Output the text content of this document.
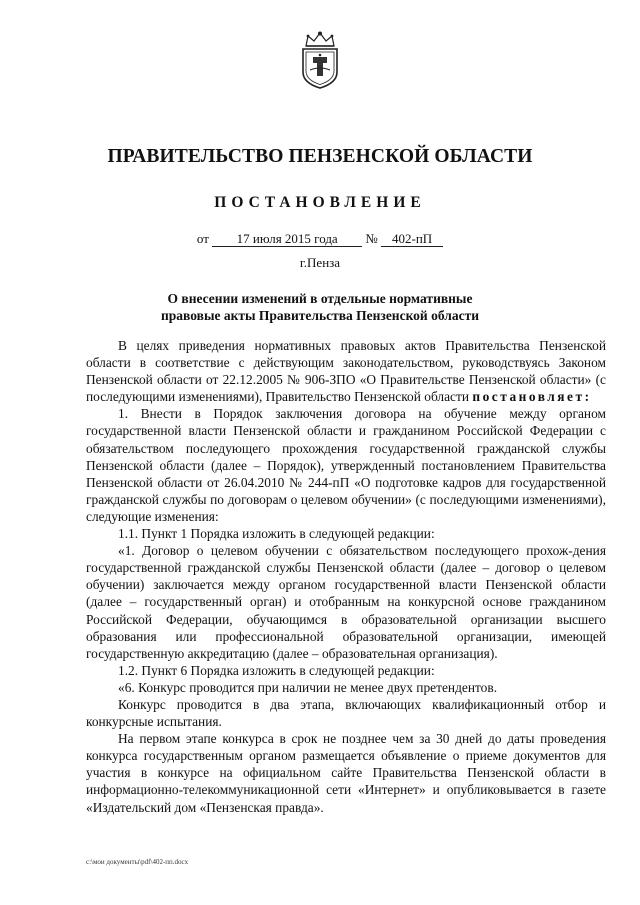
ПРАВИТЕЛЬСТВО ПЕНЗЕНСКОЙ ОБЛАСТИ
ПОСТАНОВЛЕНИЕ
от 17 июля 2015 года № 402-пП
г.Пенза
О внесении изменений в отдельные нормативные
правовые акты Правительства Пензенской области

В целях приведения нормативных правовых актов Правительства Пензенской области в соответствие с действующим законодательством, руководствуясь Законом Пензенской области от 22.12.2005 № 906-ЗПО «О Правительстве Пензенской области» (с последующими изменениями), Правительство Пензенской области постановляет:

1. Внести в Порядок заключения договора на обучение между органом государственной власти Пензенской области и гражданином Российской Федерации с обязательством последующего прохождения государственной гражданской службы Пензенской области (далее – Порядок), утвержденный постановлением Правительства Пензенской области от 26.04.2010 № 244-пП «О подготовке кадров для государственной гражданской службы по договорам о целевом обучении» (с последующими изменениями), следующие изменения:

1.1. Пункт 1 Порядка изложить в следующей редакции:

«1. Договор о целевом обучении с обязательством последующего прохож-дения государственной гражданской службы Пензенской области (далее – договор о целевом обучении) заключается между органом государственной власти Пензенской области (далее – государственный орган) и отобранным на конкурсной основе гражданином Российской Федерации, обучающимся в образовательной организации высшего образования или профессиональной образовательной организации, имеющей государственную аккредитацию (далее – образовательная организация).

1.2. Пункт 6 Порядка изложить в следующей редакции:

«6. Конкурс проводится при наличии не менее двух претендентов.

Конкурс проводится в два этапа, включающих квалификационный отбор и конкурсные испытания.

На первом этапе конкурса в срок не позднее чем за 30 дней до даты проведения конкурса государственным органом размещается объявление о приеме документов для участия в конкурсе на официальном сайте Правительства Пензенской области в информационно-телекоммуникационной сети «Интернет» и опубликовывается в газете «Издательский дом «Пензенская правда».

c:\мои документы\pdf\402-пп.docx
